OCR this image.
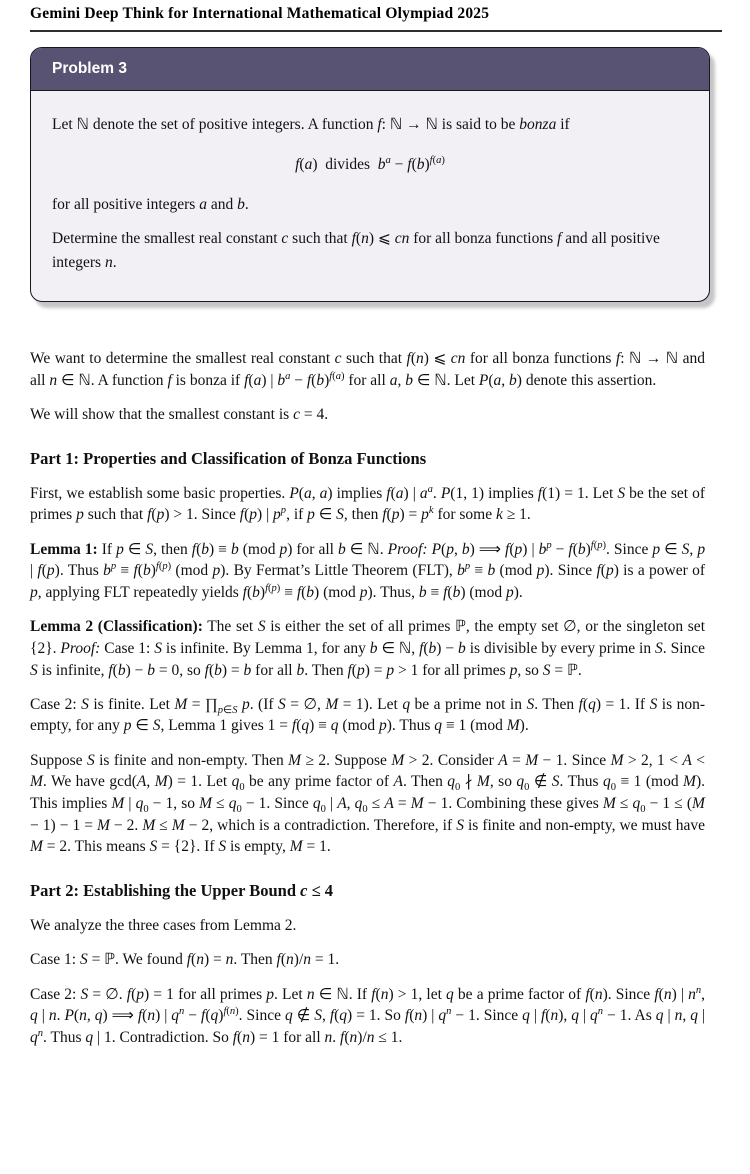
Gemini Deep Think for International Mathematical Olympiad 2025
Problem 3

Let ℕ denote the set of positive integers. A function f: ℕ → ℕ is said to be bonza if

f(a)  divides  $b^a - f(b)^{f(a)}$

for all positive integers a and b.

Determine the smallest real constant c such that f(n) ⩽ cn for all bonza functions f and all positive integers n.

We want to determine the smallest real constant c such that f(n) ⩽ cn for all bonza functions f: ℕ → ℕ and all n ∈ ℕ. A function f is bonza if f(a) | $b^a - f(b)^{f(a)}$ for all a, b ∈ ℕ. Let P(a, b) denote this assertion.

We will show that the smallest constant is c = 4.

Part 1: Properties and Classification of Bonza Functions

First, we establish some basic properties. P(a, a) implies f(a) | $a^a$. P(1, 1) implies f(1) = 1. Let S be the set of primes p such that f(p) > 1. Since f(p) | $p^p$, if p ∈ S, then $f(p) = p^k$ for some k ≥ 1.

Lemma 1: If p ∈ S, then f(b) ≡ b (mod p) for all b ∈ ℕ. Proof: P(p, b) ⟹ f(p) | $b^p - f(b)^{f(p)}$. Since p ∈ S, p | f(p). Thus $b^p \equiv f(b)^{f(p)}$ (mod p). By Fermat’s Little Theorem (FLT), $b^p \equiv b$ (mod p). Since f(p) is a power of p, applying FLT repeatedly yields $f(b)^{f(p)} \equiv f(b)$ (mod p). Thus, b ≡ f(b) (mod p).

Lemma 2 (Classification): The set S is either the set of all primes ℙ, the empty set ∅, or the singleton set {2}. Proof: Case 1: S is infinite. By Lemma 1, for any b ∈ ℕ, f(b) − b is divisible by every prime in S. Since S is infinite, f(b) − b = 0, so f(b) = b for all b. Then f(p) = p > 1 for all primes p, so S = ℙ.

Case 2: S is finite. Let $M = \prod_{p\in S}$ p. (If S = ∅, M = 1). Let q be a prime not in S. Then f(q) = 1. If S is non-empty, for any p ∈ S, Lemma 1 gives 1 = f(q) ≡ q (mod p). Thus q ≡ 1 (mod M).

Suppose S is finite and non-empty. Then M ≥ 2. Suppose M > 2. Consider A = M − 1. Since M > 2, 1 < A < M. We have gcd(A, M) = 1. Let $q_0$ be any prime factor of A. Then $q_0$ ∤ M, so $q_0$ ∉ S. Thus $q_0 \equiv 1$ (mod M). This implies M | $q_0 - 1$, so $M \le q_0 - 1$. Since $q_0$ | A, $q_0 \le A = M - 1$. Combining these gives $M \le q_0 - 1 \le (M - 1) - 1 = M - 2$. M ≤ M − 2, which is a contradiction. Therefore, if S is finite and non-empty, we must have M = 2. This means S = {2}. If S is empty, M = 1.

Part 2: Establishing the Upper Bound c ≤ 4

We analyze the three cases from Lemma 2.

Case 1: S = ℙ. We found f(n) = n. Then f(n)/n = 1.

Case 2: S = ∅. f(p) = 1 for all primes p. Let n ∈ ℕ. If f(n) > 1, let q be a prime factor of f(n). Since f(n) | $n^n$, q | n. P(n, q) ⟹ f(n) | $q^n - f(q)^{f(n)}$. Since q ∉ S, f(q) = 1. So f(n) | $q^n - 1$. Since q | f(n), q | $q^n - 1$. As q | n, q | $q^n$. Thus q | 1. Contradiction. So f(n) = 1 for all n. f(n)/n ≤ 1.
